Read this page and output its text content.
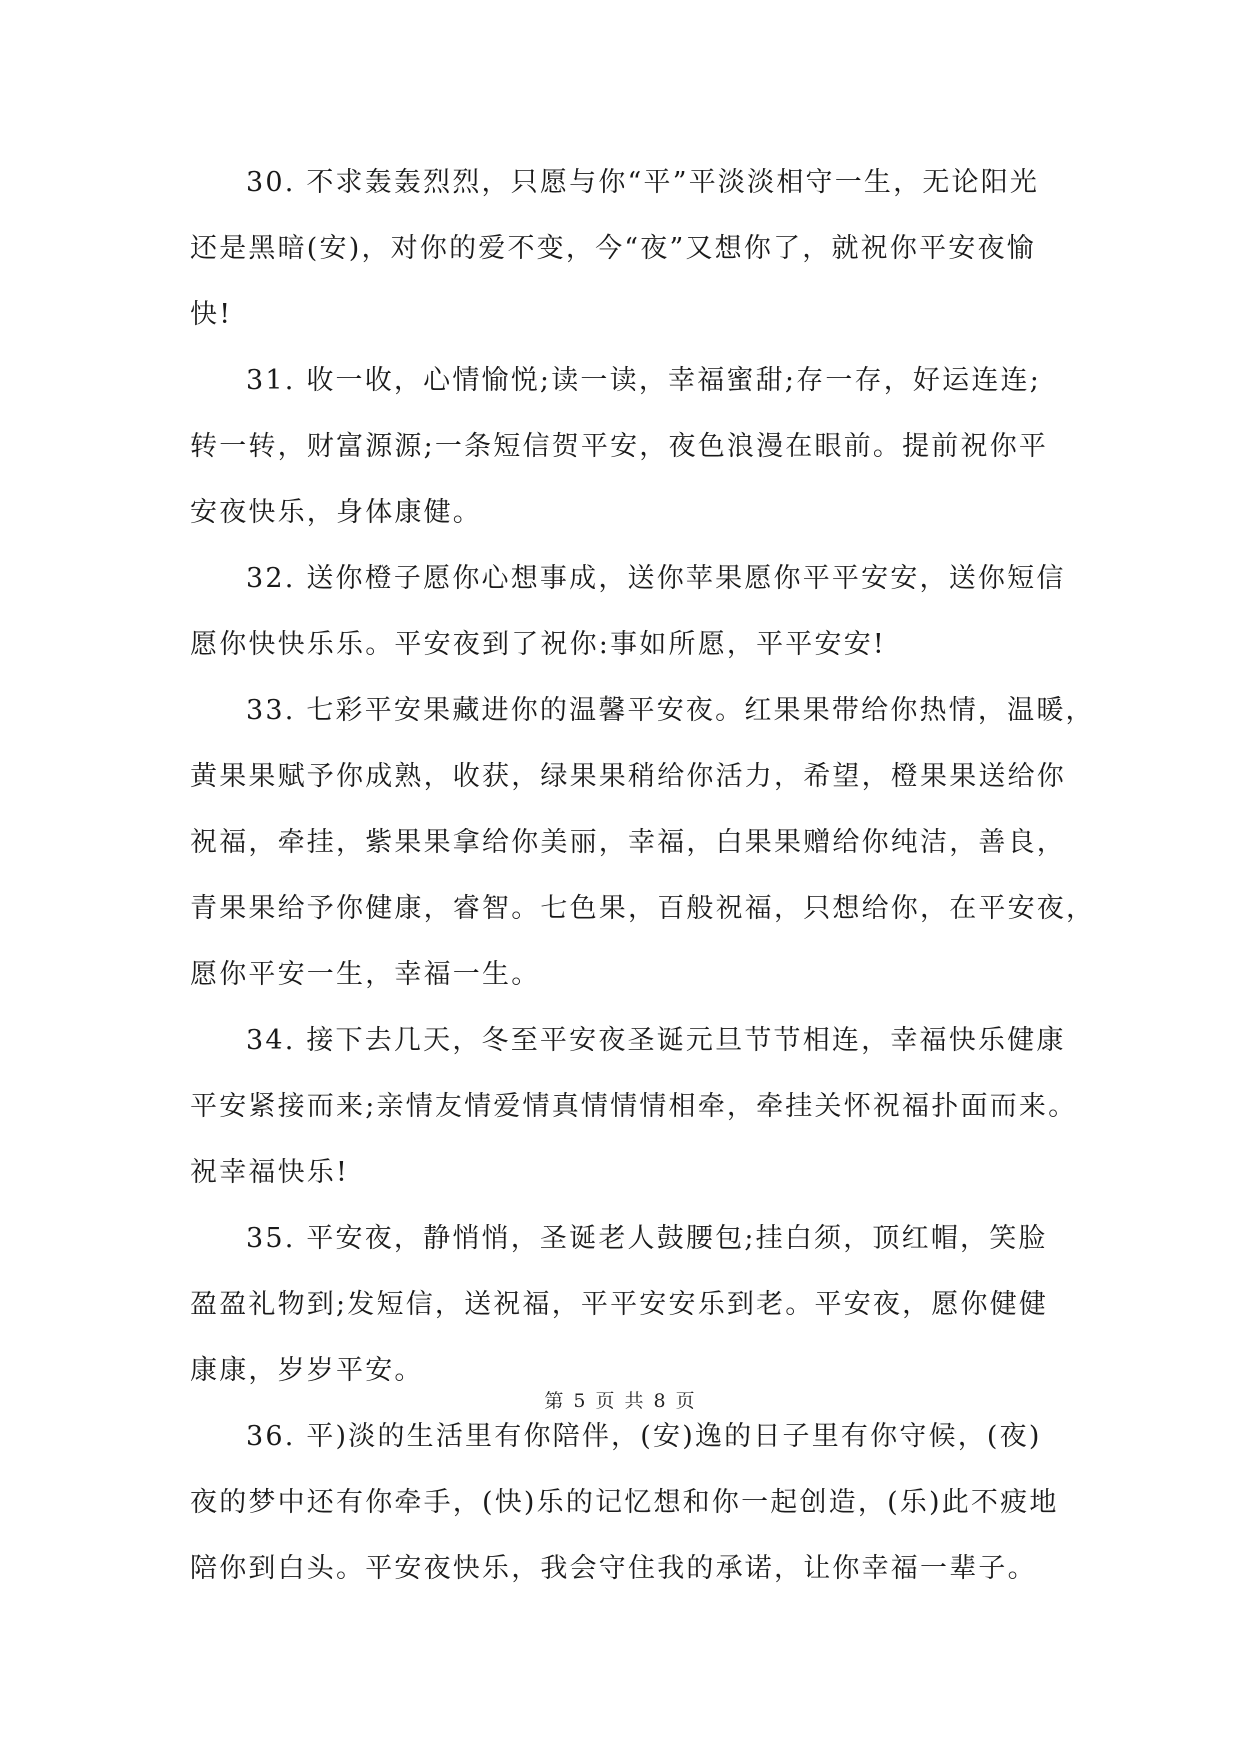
30. 不求轰轰烈烈，只愿与你“平”平淡淡相守一生，无论阳光
还是黑暗(安)，对你的爱不变，今“夜”又想你了，就祝你平安夜愉
快!
31. 收一收，心情愉悦;读一读，幸福蜜甜;存一存，好运连连;
转一转，财富源源;一条短信贺平安，夜色浪漫在眼前。提前祝你平
安夜快乐，身体康健。
32. 送你橙子愿你心想事成，送你苹果愿你平平安安，送你短信
愿你快快乐乐。平安夜到了祝你:事如所愿，平平安安!
33. 七彩平安果藏进你的温馨平安夜。红果果带给你热情，温暖，
黄果果赋予你成熟，收获，绿果果稍给你活力，希望，橙果果送给你
祝福，牵挂，紫果果拿给你美丽，幸福，白果果赠给你纯洁，善良，
青果果给予你健康，睿智。七色果，百般祝福，只想给你，在平安夜，
愿你平安一生，幸福一生。
34. 接下去几天，冬至平安夜圣诞元旦节节相连，幸福快乐健康
平安紧接而来;亲情友情爱情真情情情相牵，牵挂关怀祝福扑面而来。
祝幸福快乐!
35. 平安夜，静悄悄，圣诞老人鼓腰包;挂白须，顶红帽，笑脸
盈盈礼物到;发短信，送祝福，平平安安乐到老。平安夜，愿你健健
康康，岁岁平安。
36. 平)淡的生活里有你陪伴，(安)逸的日子里有你守候，(夜)
夜的梦中还有你牵手，(快)乐的记忆想和你一起创造，(乐)此不疲地
陪你到白头。平安夜快乐，我会守住我的承诺，让你幸福一辈子。
第 5 页 共 8 页
